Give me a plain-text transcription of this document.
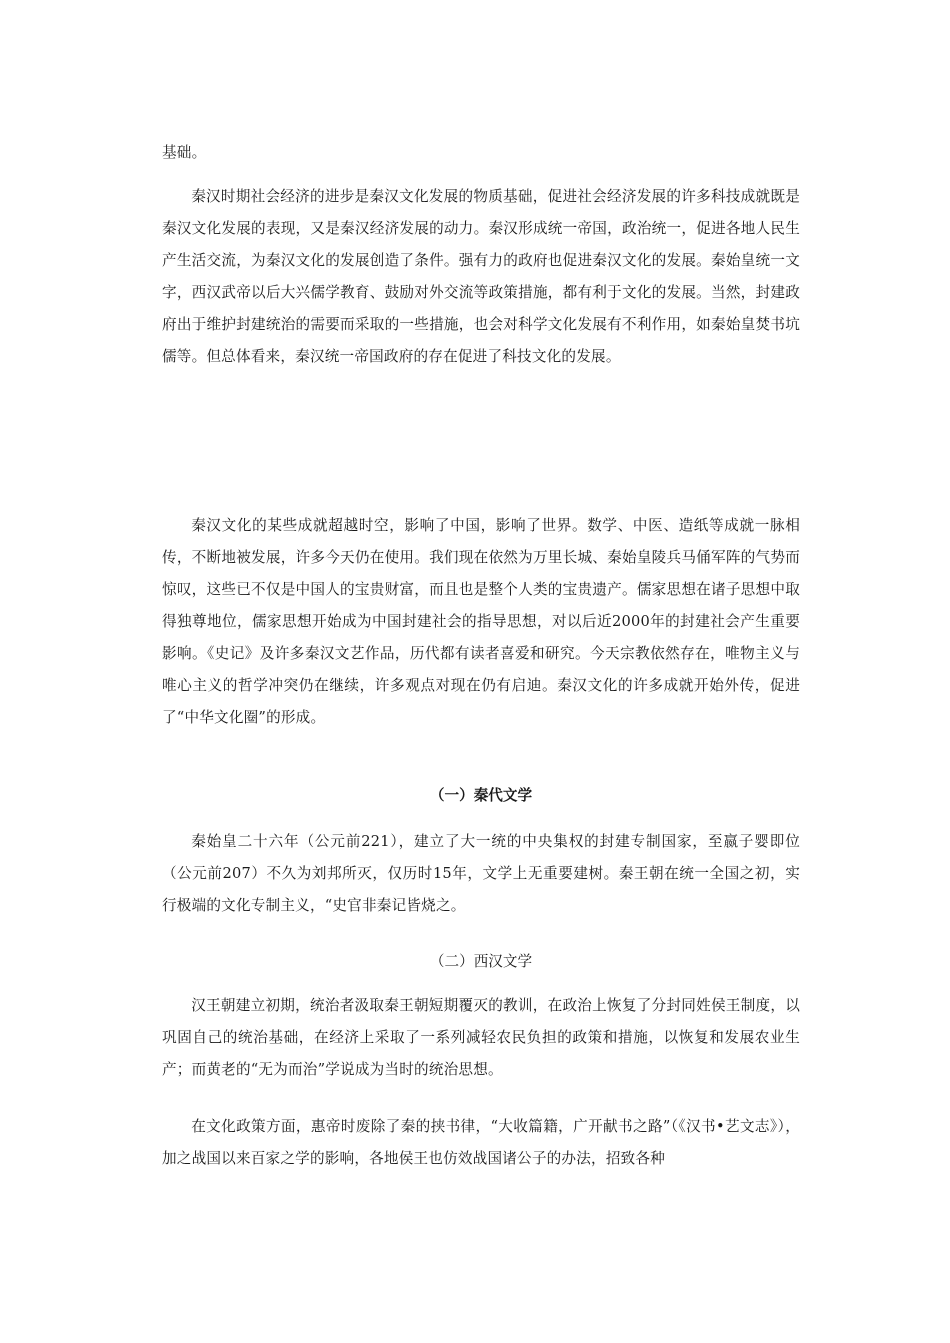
基础。

秦汉时期社会经济的进步是秦汉文化发展的物质基础，促进社会经济发展的许多科技成就既是秦汉文化发展的表现，又是秦汉经济发展的动力。秦汉形成统一帝国，政治统一，促进各地人民生产生活交流，为秦汉文化的发展创造了条件。强有力的政府也促进秦汉文化的发展。秦始皇统一文字，西汉武帝以后大兴儒学教育、鼓励对外交流等政策措施，都有利于文化的发展。当然，封建政府出于维护封建统治的需要而采取的一些措施，也会对科学文化发展有不利作用，如秦始皇焚书坑儒等。但总体看来，秦汉统一帝国政府的存在促进了科技文化的发展。

秦汉文化的某些成就超越时空，影响了中国，影响了世界。数学、中医、造纸等成就一脉相传，不断地被发展，许多今天仍在使用。我们现在依然为万里长城、秦始皇陵兵马俑军阵的气势而惊叹，这些已不仅是中国人的宝贵财富，而且也是整个人类的宝贵遗产。儒家思想在诸子思想中取得独尊地位，儒家思想开始成为中国封建社会的指导思想，对以后近2000年的封建社会产生重要影响。《史记》及许多秦汉文艺作品，历代都有读者喜爱和研究。今天宗教依然存在，唯物主义与唯心主义的哲学冲突仍在继续，许多观点对现在仍有启迪。秦汉文化的许多成就开始外传，促进了“中华文化圈”的形成。

（一）秦代文学

秦始皇二十六年（公元前221），建立了大一统的中央集权的封建专制国家，至嬴子婴即位（公元前207）不久为刘邦所灭，仅历时15年，文学上无重要建树。秦王朝在统一全国之初，实行极端的文化专制主义，“史官非秦记皆烧之。

（二）西汉文学

汉王朝建立初期，统治者汲取秦王朝短期覆灭的教训，在政治上恢复了分封同姓侯王制度，以巩固自己的统治基础，在经济上采取了一系列减轻农民负担的政策和措施，以恢复和发展农业生产；而黄老的“无为而治”学说成为当时的统治思想。

在文化政策方面，惠帝时废除了秦的挟书律，“大收篇籍，广开献书之路”（《汉书•艺文志》），加之战国以来百家之学的影响，各地侯王也仿效战国诸公子的办法，招致各种
